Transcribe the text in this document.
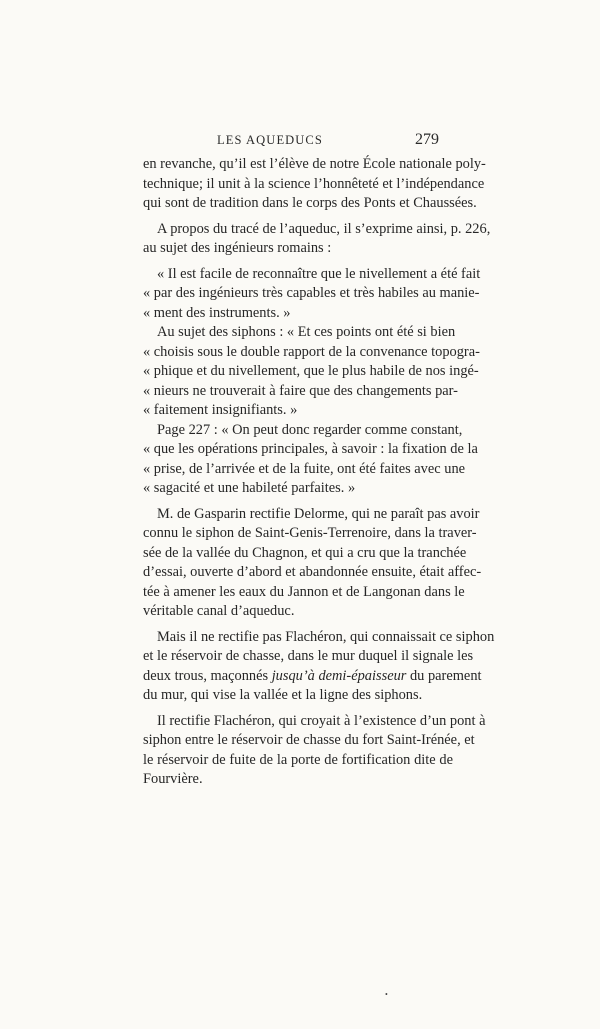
LES AQUEDUCS	279
en revanche, qu’il est l’élève de notre École nationale poly-
technique; il unit à la science l’honnêteté et l’indépendance
qui sont de tradition dans le corps des Ponts et Chaussées.
A propos du tracé de l’aqueduc, il s’exprime ainsi, p. 226,
au sujet des ingénieurs romains :
« Il est facile de reconnaître que le nivellement a été fait
« par des ingénieurs très capables et très habiles au manie-
« ment des instruments. »
Au sujet des siphons : « Et ces points ont été si bien
« choisis sous le double rapport de la convenance topogra-
« phique et du nivellement, que le plus habile de nos ingé-
« nieurs ne trouverait à faire que des changements par-
« faitement insignifiants. »
Page 227 : « On peut donc regarder comme constant,
« que les opérations principales, à savoir : la fixation de la
« prise, de l’arrivée et de la fuite, ont été faites avec une
« sagacité et une habileté parfaites. »
M. de Gasparin rectifie Delorme, qui ne paraît pas avoir
connu le siphon de Saint-Genis-Terrenoire, dans la traver-
sée de la vallée du Chagnon, et qui a cru que la tranchée
d’essai, ouverte d’abord et abandonnée ensuite, était affec-
tée à amener les eaux du Jannon et de Langonan dans le
véritable canal d’aqueduc.
Mais il ne rectifie pas Flachéron, qui connaissait ce siphon
et le réservoir de chasse, dans le mur duquel il signale les
deux trous, maçonnés jusqu’à demi-épaisseur du parement
du mur, qui vise la vallée et la ligne des siphons.
Il rectifie Flachéron, qui croyait à l’existence d’un pont à
siphon entre le réservoir de chasse du fort Saint-Irénée, et
le réservoir de fuite de la porte de fortification dite de
Fourvière.
•
